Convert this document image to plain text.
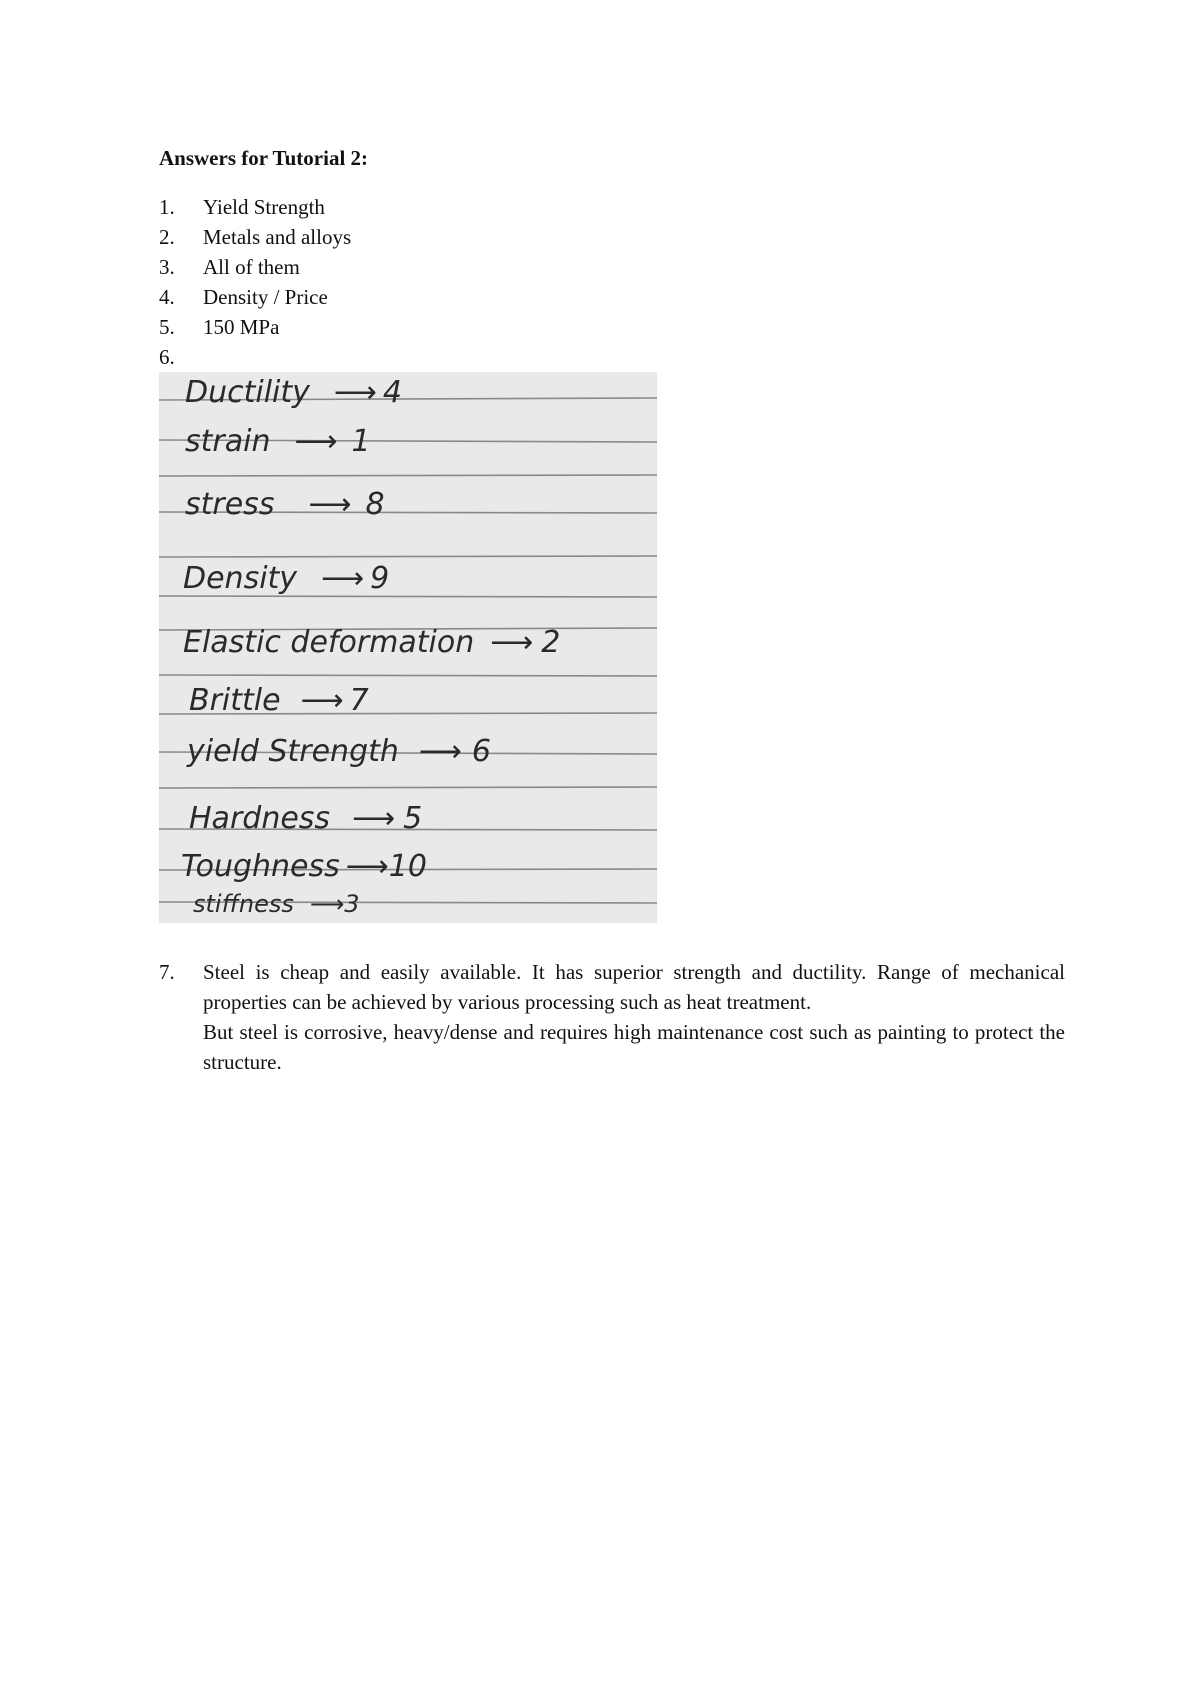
Answers for Tutorial 2:
1. Yield Strength
2. Metals and alloys
3. All of them
4. Density / Price
5. 150 MPa
6.
Ductility ⟶ 4
strain ⟶ 1
stress ⟶ 8
Density ⟶ 9
Elastic deformation ⟶ 2
Brittle ⟶ 7
yield Strength ⟶ 6
Hardness ⟶ 5
Toughness ⟶10
stiffness ⟶3
7.	Steel is cheap and easily available. It has superior strength and ductility. Range of mechanical properties can be achieved by various processing such as heat treatment.

But steel is corrosive, heavy/dense and requires high maintenance cost such as painting to protect the structure.
